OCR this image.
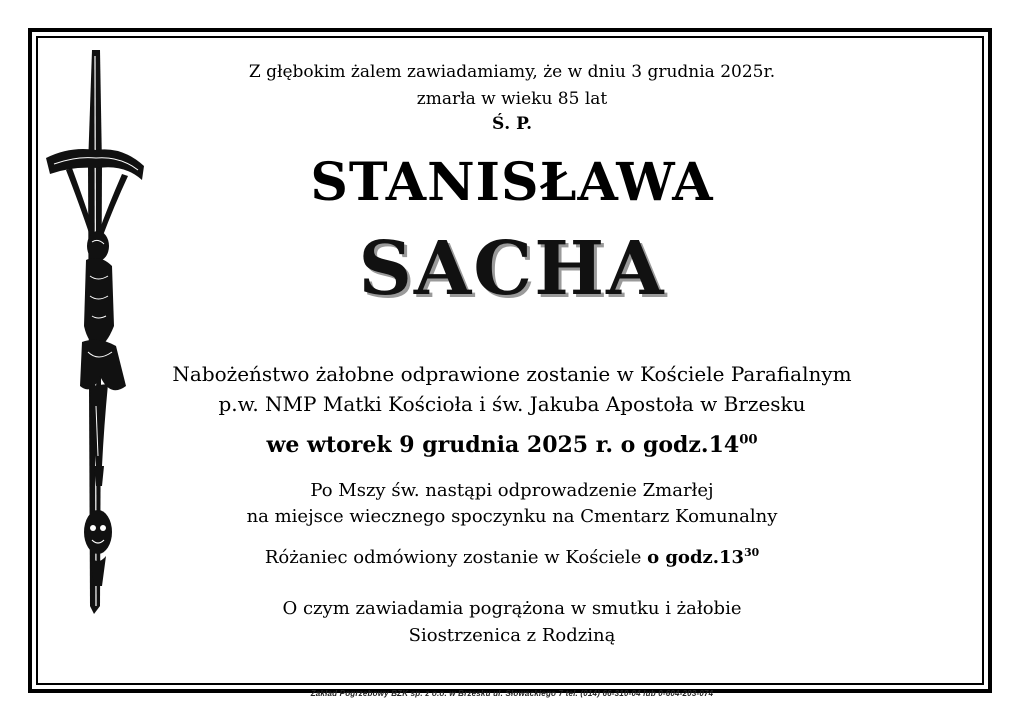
Z głębokim żalem zawiadamiamy, że w dniu 3 grudnia 2025r.
zmarła w wieku 85 lat
Ś. P.
STANISŁAWA
SACHA
Nabożeństwo żałobne odprawione zostanie w Kościele Parafialnym
p.w. NMP Matki Kościoła i św. Jakuba Apostoła w Brzesku
we wtorek 9 grudnia 2025 r. o $godz.14^{00}$
Po Mszy św. nastąpi odprowadzenie Zmarłej
na miejsce wiecznego spoczynku na Cmentarz Komunalny
Różaniec odmówiony zostanie w Kościele o $godz.13^{30}$
O czym zawiadamia pogrążona w smutku i żałobie
Siostrzenica z Rodziną
Zakład Pogrzebowy BZK sp. z o.o. w Brzesku ul. Słowackiego 7 tel. (014) 66-310-04 lub 0-604-203-074
